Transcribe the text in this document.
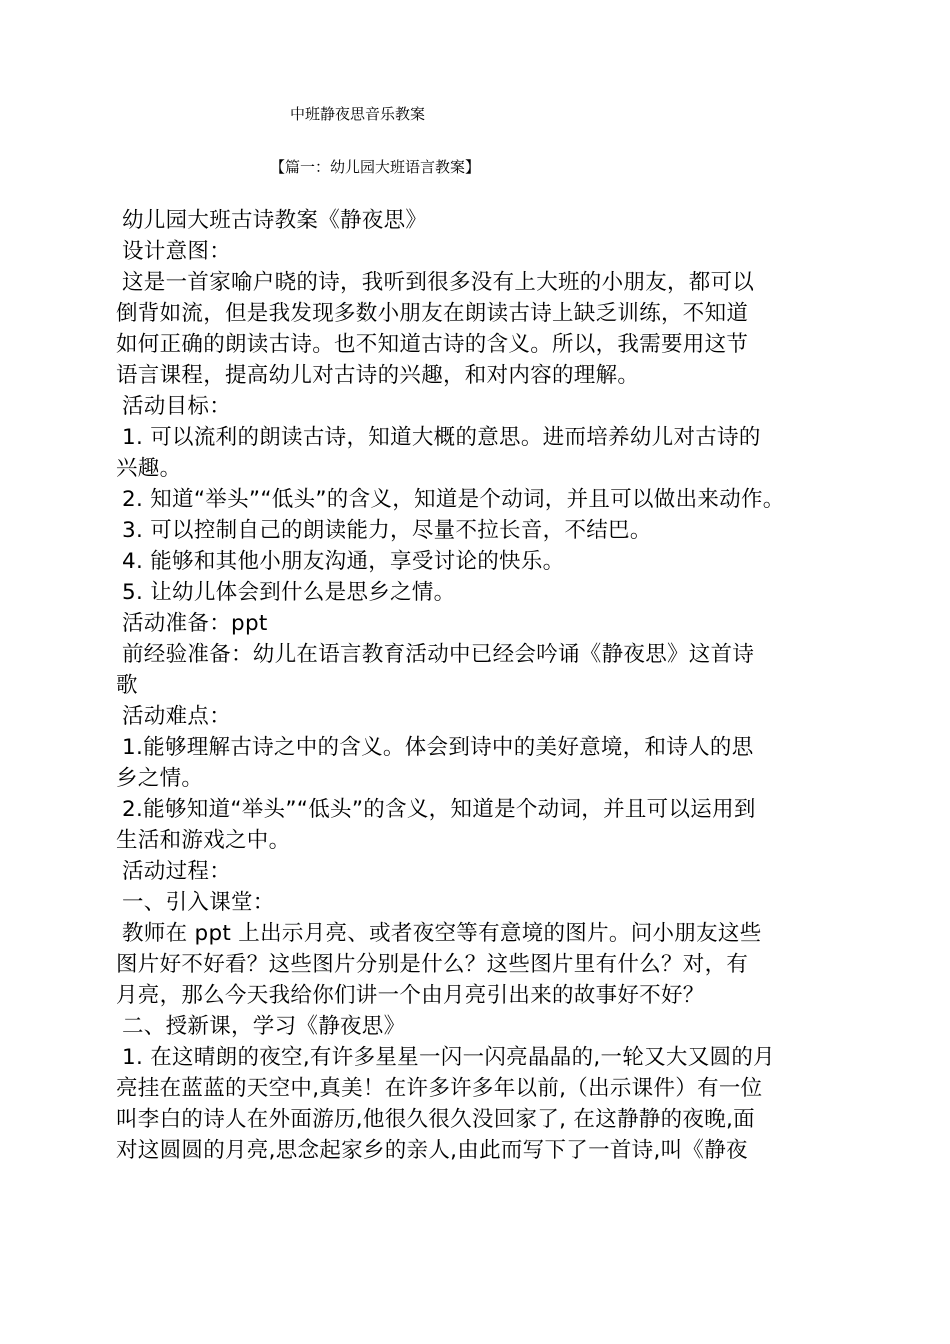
中班静夜思音乐教案
【篇一：幼儿园大班语言教案】
幼儿园大班古诗教案《静夜思》
设计意图：
这是一首家喻户晓的诗，我听到很多没有上大班的小朋友，都可以
倒背如流，但是我发现多数小朋友在朗读古诗上缺乏训练，不知道
如何正确的朗读古诗。也不知道古诗的含义。所以，我需要用这节
语言课程，提高幼儿对古诗的兴趣，和对内容的理解。
活动目标：
1. 可以流利的朗读古诗，知道大概的意思。进而培养幼儿对古诗的
兴趣。
2. 知道“举头”“低头”的含义，知道是个动词，并且可以做出来动作。
3. 可以控制自己的朗读能力，尽量不拉长音，不结巴。
4. 能够和其他小朋友沟通，享受讨论的快乐。
5. 让幼儿体会到什么是思乡之情。
活动准备：ppt
前经验准备：幼儿在语言教育活动中已经会吟诵《静夜思》这首诗
歌
活动难点：
1.能够理解古诗之中的含义。体会到诗中的美好意境，和诗人的思
乡之情。
2.能够知道“举头”“低头”的含义，知道是个动词，并且可以运用到
生活和游戏之中。
活动过程：
一、引入课堂：
教师在 ppt 上出示月亮、或者夜空等有意境的图片。问小朋友这些
图片好不好看？这些图片分别是什么？这些图片里有什么？对，有
月亮，那么今天我给你们讲一个由月亮引出来的故事好不好？
二、授新课，学习《静夜思》
1. 在这晴朗的夜空,有许多星星一闪一闪亮晶晶的,一轮又大又圆的月
亮挂在蓝蓝的天空中,真美！在许多许多年以前,（出示课件）有一位
叫李白的诗人在外面游历,他很久很久没回家了, 在这静静的夜晚,面
对这圆圆的月亮,思念起家乡的亲人,由此而写下了一首诗,叫《静夜
